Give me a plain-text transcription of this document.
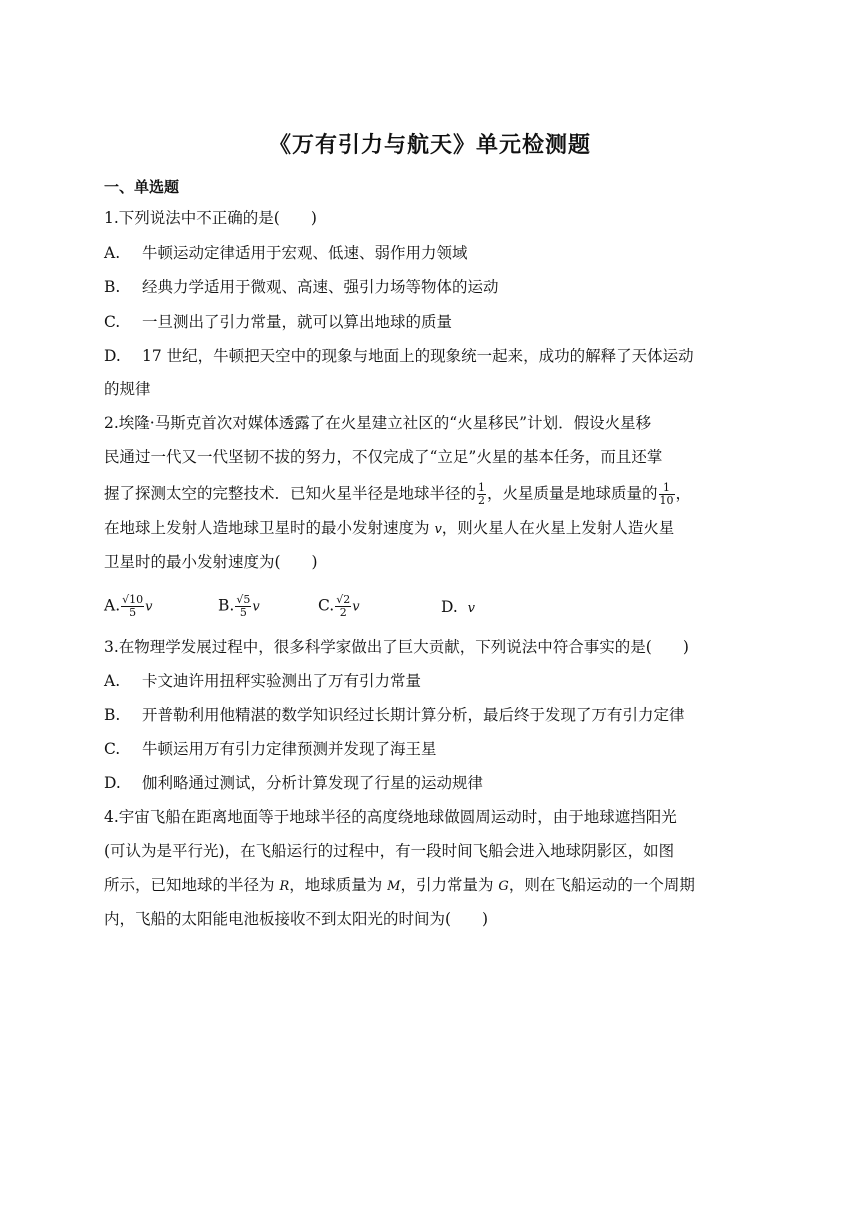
《万有引力与航天》单元检测题
一、单选题
1.下列说法中不正确的是(　　)
A. 牛顿运动定律适用于宏观、低速、弱作用力领域
B. 经典力学适用于微观、高速、强引力场等物体的运动
C. 一旦测出了引力常量，就可以算出地球的质量
D. 17 世纪，牛顿把天空中的现象与地面上的现象统一起来，成功的解释了天体运动
的规律
2.埃隆·马斯克首次对媒体透露了在火星建立社区的“火星移民”计划．假设火星移
民通过一代又一代坚韧不拔的努力，不仅完成了“立足”火星的基本任务，而且还掌
握了探测太空的完整技术．已知火星半径是地球半径的 $\frac{1}{2}$ ，火星质量是地球质量的 $\frac{1}{10}$ ，
在地球上发射人造地球卫星时的最小发射速度为 v，则火星人在火星上发射人造火星
卫星时的最小发射速度为(　　)
A. $\frac{√10}{5}$ v	B. $\frac{√5}{5}$ v	C. $\frac{√2}{2}$ v	D. v
3.在物理学发展过程中，很多科学家做出了巨大贡献，下列说法中符合事实的是(　　)
A. 卡文迪许用扭秤实验测出了万有引力常量
B. 开普勒利用他精湛的数学知识经过长期计算分析，最后终于发现了万有引力定律
C. 牛顿运用万有引力定律预测并发现了海王星
D. 伽利略通过测试，分析计算发现了行星的运动规律
4.宇宙飞船在距离地面等于地球半径的高度绕地球做圆周运动时，由于地球遮挡阳光
(可认为是平行光)，在飞船运行的过程中，有一段时间飞船会进入地球阴影区，如图
所示，已知地球的半径为 R，地球质量为 M，引力常量为 G，则在飞船运动的一个周期
内，飞船的太阳能电池板接收不到太阳光的时间为(　　)
